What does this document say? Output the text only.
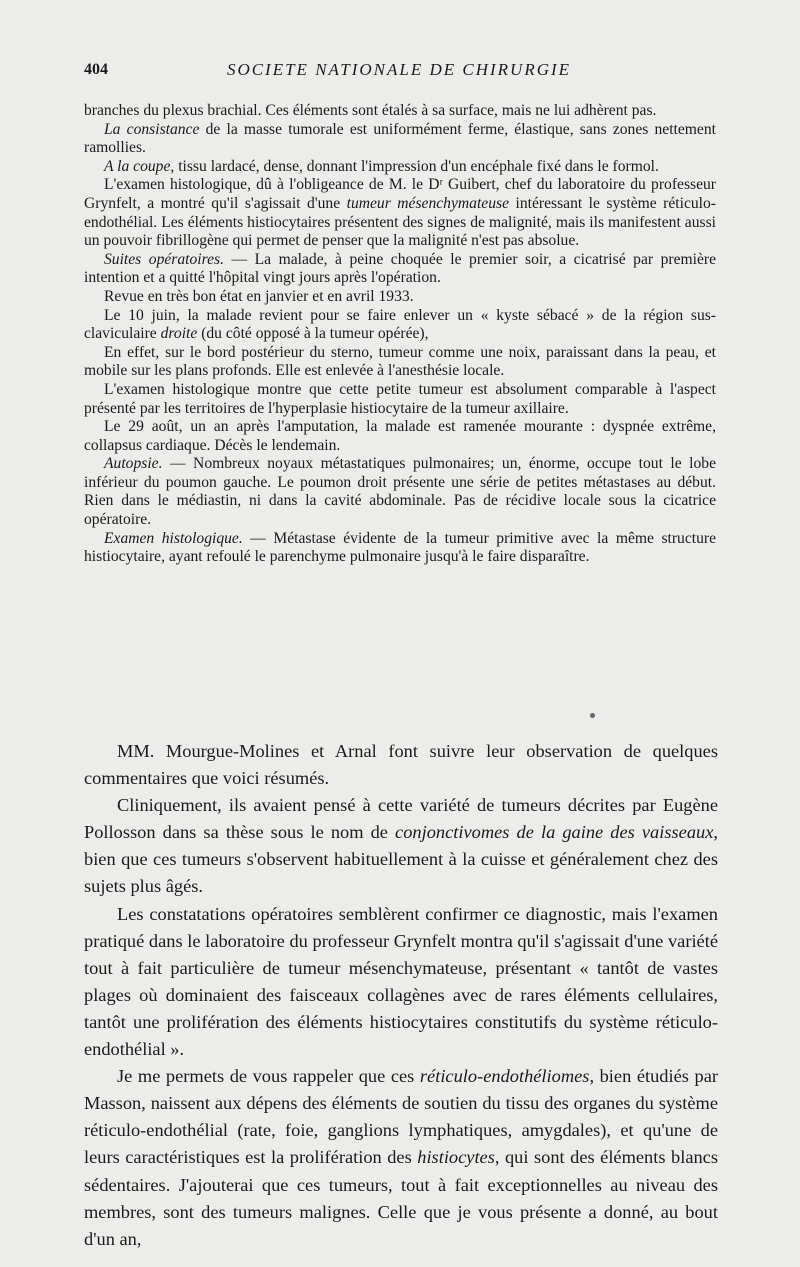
404	SOCIETE NATIONALE DE CHIRURGIE

branches du plexus brachial. Ces éléments sont étalés à sa surface, mais ne lui adhèrent pas.

La consistance de la masse tumorale est uniformément ferme, élastique, sans zones nettement ramollies.

A la coupe, tissu lardacé, dense, donnant l'impression d'un encéphale fixé dans le formol.

L'examen histologique, dû à l'obligeance de M. le Dʳ Guibert, chef du laboratoire du professeur Grynfelt, a montré qu'il s'agissait d'une tumeur mésenchymateuse intéressant le système réticulo-endothélial. Les éléments histiocytaires présentent des signes de malignité, mais ils manifestent aussi un pouvoir fibrillogène qui permet de penser que la malignité n'est pas absolue.

Suites opératoires. — La malade, à peine choquée le premier soir, a cicatrisé par première intention et a quitté l'hôpital vingt jours après l'opération.

Revue en très bon état en janvier et en avril 1933.

Le 10 juin, la malade revient pour se faire enlever un « kyste sébacé » de la région sus-claviculaire droite (du côté opposé à la tumeur opérée),

En effet, sur le bord postérieur du sterno, tumeur comme une noix, paraissant dans la peau, et mobile sur les plans profonds. Elle est enlevée à l'anesthésie locale.

L'examen histologique montre que cette petite tumeur est absolument comparable à l'aspect présenté par les territoires de l'hyperplasie histiocytaire de la tumeur axillaire.

Le 29 août, un an après l'amputation, la malade est ramenée mourante : dyspnée extrême, collapsus cardiaque. Décès le lendemain.

Autopsie. — Nombreux noyaux métastatiques pulmonaires; un, énorme, occupe tout le lobe inférieur du poumon gauche. Le poumon droit présente une série de petites métastases au début. Rien dans le médiastin, ni dans la cavité abdominale. Pas de récidive locale sous la cicatrice opératoire.

Examen histologique. — Métastase évidente de la tumeur primitive avec la même structure histiocytaire, ayant refoulé le parenchyme pulmonaire jusqu'à le faire disparaître.

MM. Mourgue-Molines et Arnal font suivre leur observation de quelques commentaires que voici résumés.

Cliniquement, ils avaient pensé à cette variété de tumeurs décrites par Eugène Pollosson dans sa thèse sous le nom de conjonctivomes de la gaine des vaisseaux, bien que ces tumeurs s'observent habituellement à la cuisse et généralement chez des sujets plus âgés.

Les constatations opératoires semblèrent confirmer ce diagnostic, mais l'examen pratiqué dans le laboratoire du professeur Grynfelt montra qu'il s'agissait d'une variété tout à fait particulière de tumeur mésenchymateuse, présentant « tantôt de vastes plages où dominaient des faisceaux collagènes avec de rares éléments cellulaires, tantôt une prolifération des éléments histiocytaires constitutifs du système réticulo-endothélial ».

Je me permets de vous rappeler que ces réticulo-endothéliomes, bien étudiés par Masson, naissent aux dépens des éléments de soutien du tissu des organes du système réticulo-endothélial (rate, foie, ganglions lymphatiques, amygdales), et qu'une de leurs caractéristiques est la prolifération des histiocytes, qui sont des éléments blancs sédentaires. J'ajouterai que ces tumeurs, tout à fait exceptionnelles au niveau des membres, sont des tumeurs malignes. Celle que je vous présente a donné, au bout d'un an,
